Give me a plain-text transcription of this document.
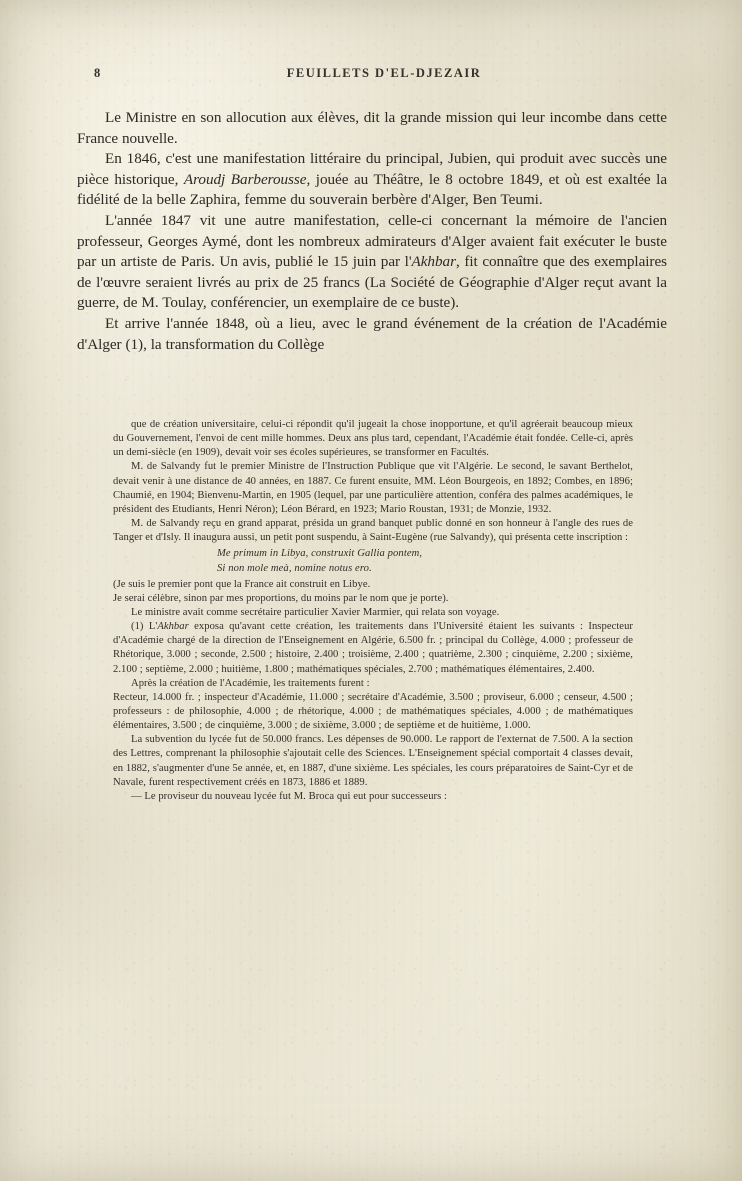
8	FEUILLETS D'EL-DJEZAIR

Le Ministre en son allocution aux élèves, dit la grande mission qui leur incombe dans cette France nouvelle.

En 1846, c'est une manifestation littéraire du principal, Jubien, qui produit avec succès une pièce historique, Aroudj Barberousse, jouée au Théâtre, le 8 octobre 1849, et où est exaltée la fidélité de la belle Zaphira, femme du souverain berbère d'Alger, Ben Teumi.

L'année 1847 vit une autre manifestation, celle-ci concernant la mémoire de l'ancien professeur, Georges Aymé, dont les nombreux admirateurs d'Alger avaient fait exécuter le buste par un artiste de Paris. Un avis, publié le 15 juin par l'Akhbar, fit connaître que des exemplaires de l'œuvre seraient livrés au prix de 25 francs (La Société de Géographie d'Alger reçut avant la guerre, de M. Toulay, conférencier, un exemplaire de ce buste).

Et arrive l'année 1848, où a lieu, avec le grand événement de la création de l'Académie d'Alger (1), la transformation du Collège

que de création universitaire, celui-ci répondit qu'il jugeait la chose inopportune, et qu'il agréerait beaucoup mieux du Gouvernement, l'envoi de cent mille hommes. Deux ans plus tard, cependant, l'Académie était fondée. Celle-ci, après un demi-siècle (en 1909), devait voir ses écoles supérieures, se transformer en Facultés.

M. de Salvandy fut le premier Ministre de l'Instruction Publique que vit l'Algérie. Le second, le savant Berthelot, devait venir à une distance de 40 années, en 1887. Ce furent ensuite, MM. Léon Bourgeois, en 1892; Combes, en 1896; Chaumié, en 1904; Bienvenu-Martin, en 1905 (lequel, par une particulière attention, conféra des palmes académiques, le président des Etudiants, Henri Néron); Léon Bérard, en 1923; Mario Roustan, 1931; de Monzie, 1932.

M. de Salvandy reçu en grand apparat, présida un grand banquet public donné en son honneur à l'angle des rues de Tanger et d'Isly. Il inaugura aussi, un petit pont suspendu, à Saint-Eugène (rue Salvandy), qui présenta cette inscription :

Me primum in Libya, construxit Gallia pontem,
Si non mole meà, nomine notus ero.

(Je suis le premier pont que la France ait construit en Libye.

Je serai célèbre, sinon par mes proportions, du moins par le nom que je porte).

Le ministre avait comme secrétaire particulier Xavier Marmier, qui relata son voyage.

(1) L'Akhbar exposa qu'avant cette création, les traitements dans l'Université étaient les suivants : Inspecteur d'Académie chargé de la direction de l'Enseignement en Algérie, 6.500 fr. ; principal du Collège, 4.000 ; professeur de Rhétorique, 3.000 ; seconde, 2.500 ; histoire, 2.400 ; troisième, 2.400 ; quatrième, 2.300 ; cinquième, 2.200 ; sixième, 2.100 ; septième, 2.000 ; huitième, 1.800 ; mathématiques spéciales, 2.700 ; mathématiques élémentaires, 2.400.

Après la création de l'Académie, les traitements furent :

Recteur, 14.000 fr. ; inspecteur d'Académie, 11.000 ; secrétaire d'Académie, 3.500 ; proviseur, 6.000 ; censeur, 4.500 ; professeurs : de philosophie, 4.000 ; de rhétorique, 4.000 ; de mathématiques spéciales, 4.000 ; de mathématiques élémentaires, 3.500 ; de cinquième, 3.000 ; de sixième, 3.000 ; de septième et de huitième, 1.000.

La subvention du lycée fut de 50.000 francs. Les dépenses de 90.000. Le rapport de l'externat de 7.500. A la section des Lettres, comprenant la philosophie s'ajoutait celle des Sciences. L'Enseignement spécial comportait 4 classes devait, en 1882, s'augmenter d'une 5e année, et, en 1887, d'une sixième. Les spéciales, les cours préparatoires de Saint-Cyr et de Navale, furent respectivement créés en 1873, 1886 et 1889.

— Le proviseur du nouveau lycée fut M. Broca qui eut pour successeurs :
